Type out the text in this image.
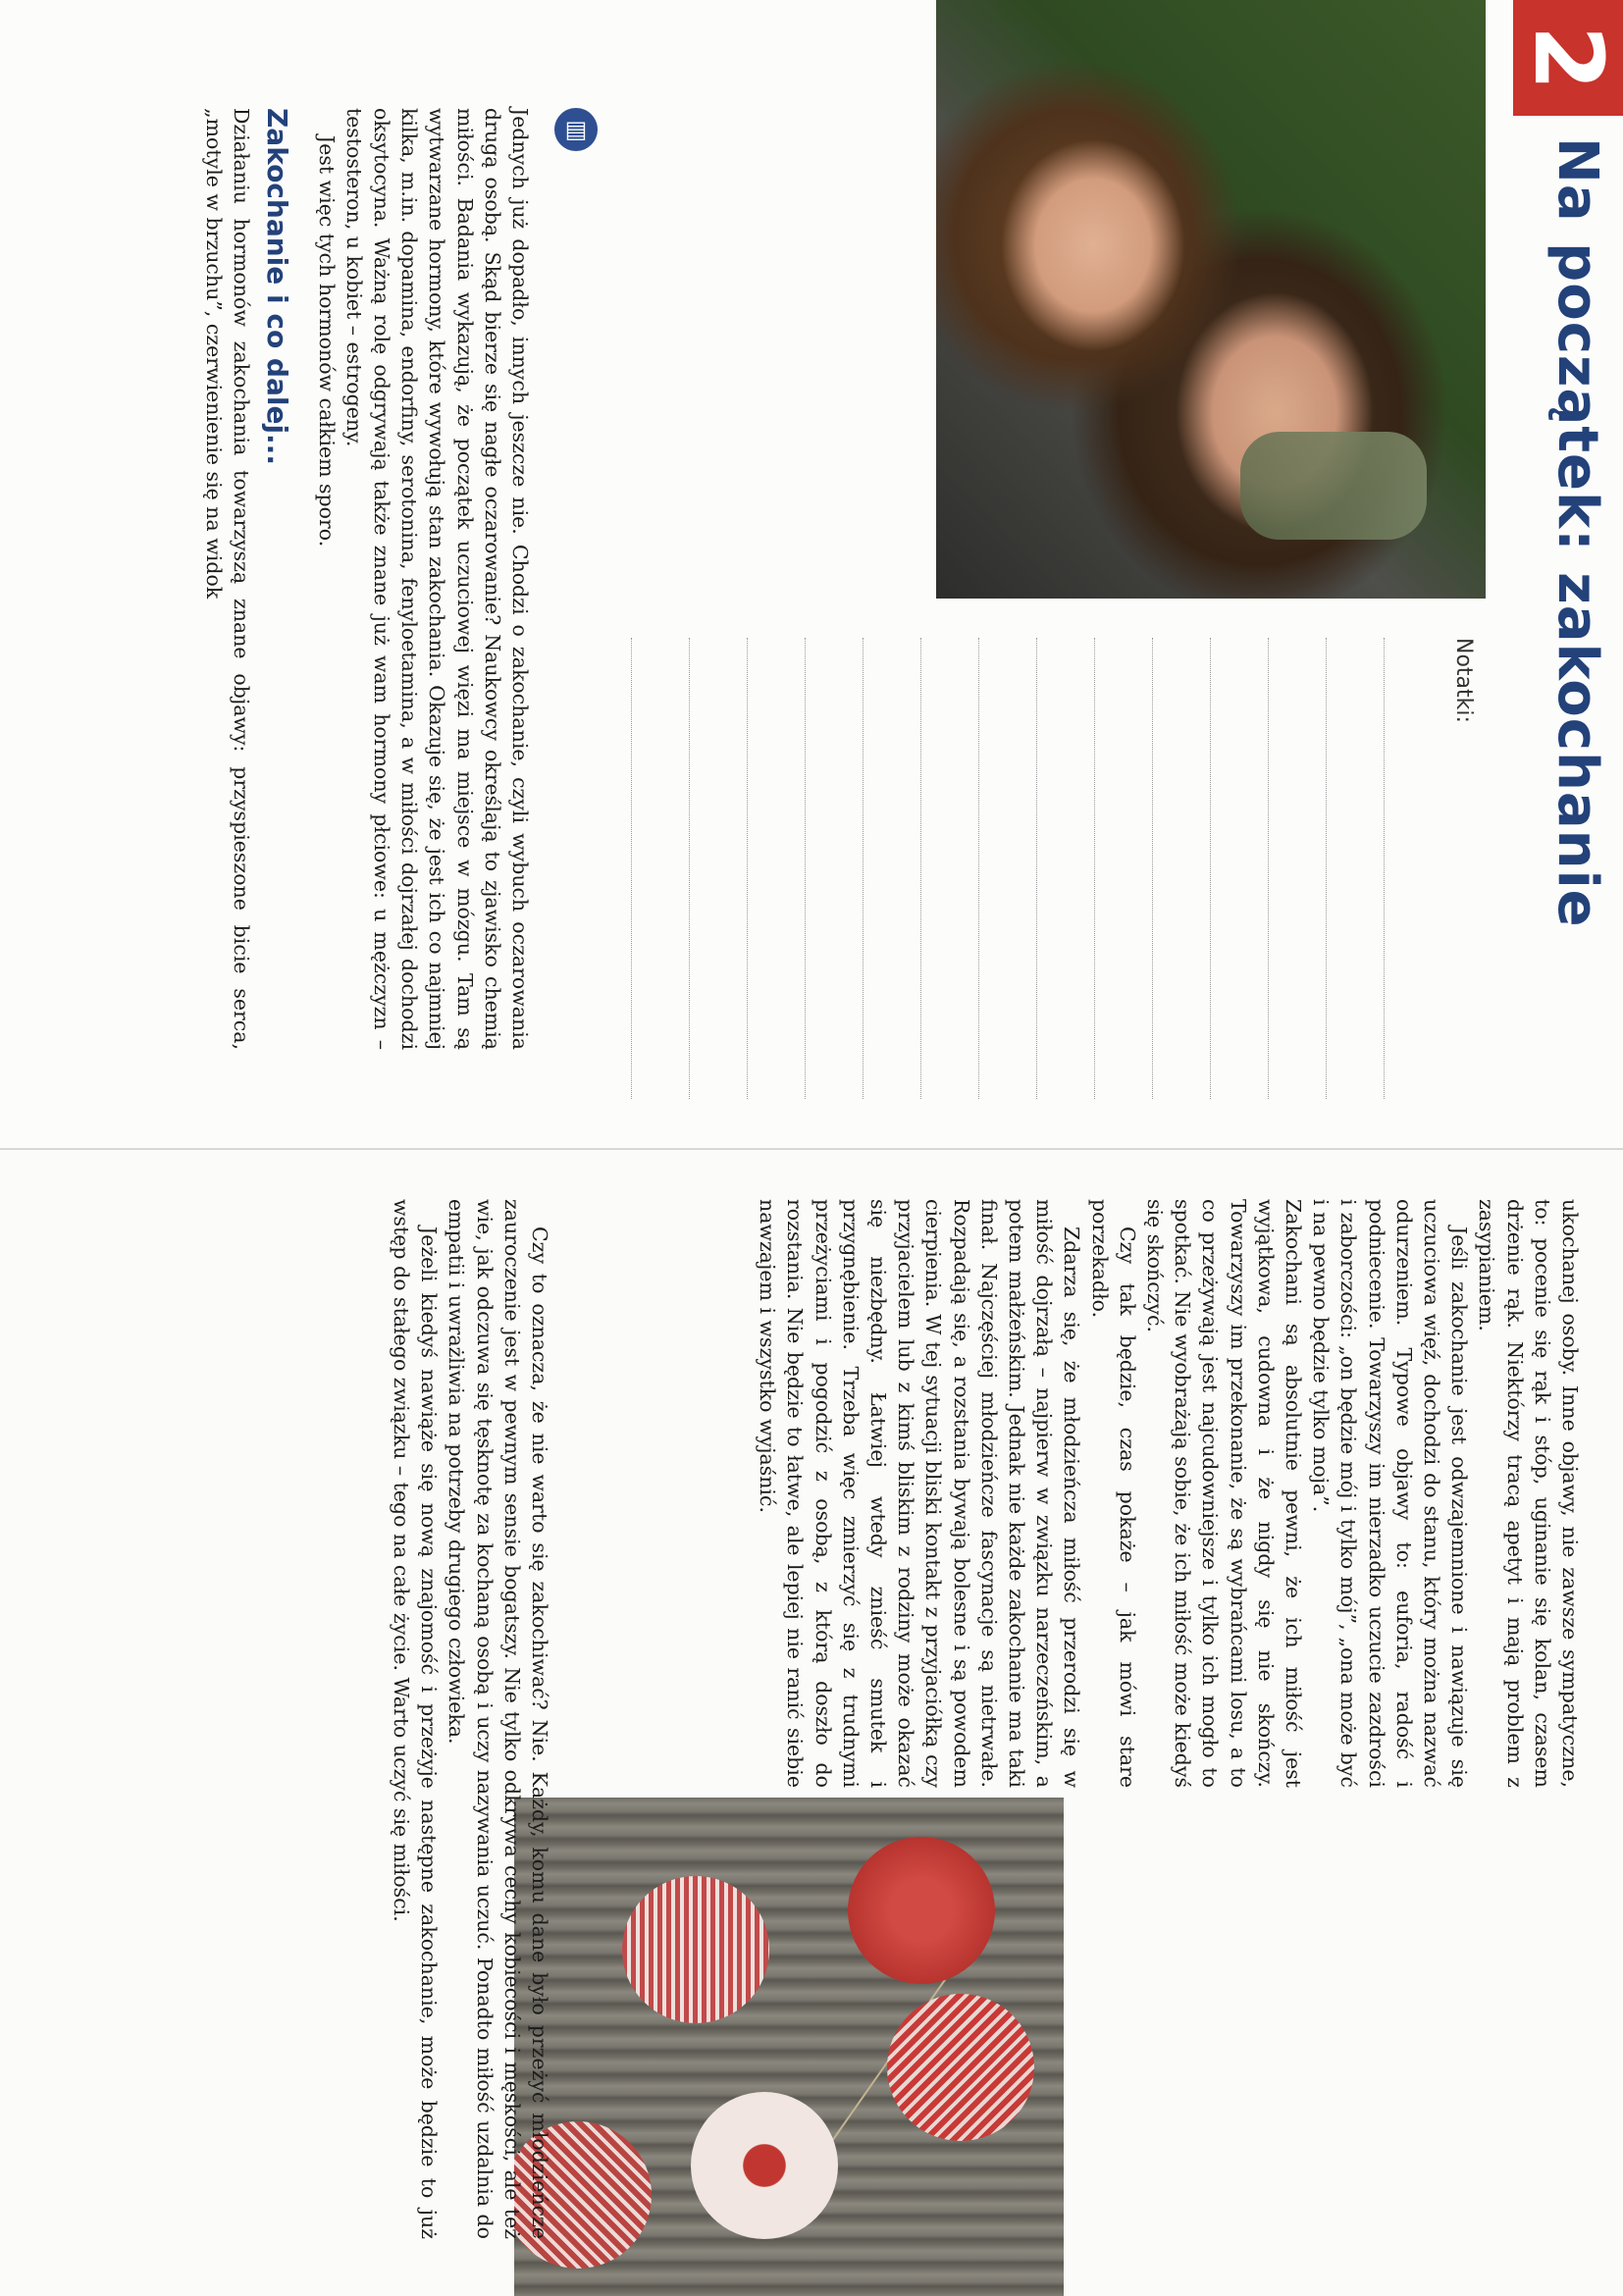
2
Na początek: zakochanie
Notatki:
▤

Jednych już dopadło, innych jeszcze nie. Chodzi o zakochanie, czyli wybuch oczarowania drugą osobą. Skąd bierze się nagłe oczarowanie? Naukowcy określają to zjawisko chemią miłości. Badania wykazują, że początek uczuciowej więzi ma miejsce w mózgu. Tam są wytwarzane hormony, które wywołują stan zakochania. Okazuje się, że jest ich co najmniej kilka, m.in. dopamina, endorfiny, serotonina, fenyloetamina, a w miłości dojrzałej dochodzi oksytocyna. Ważną rolę odgrywają także znane już wam hormony płciowe: u mężczyzn – testosteron, u kobiet – estrogeny.

Jest więc tych hormonów całkiem sporo.

Zakochanie i co dalej...

Działaniu hormonów zakochania towarzyszą znane objawy: przyspieszone bicie serca, „motyle w brzuchu”, czerwienienie się na widok

ukochanej osoby. Inne objawy, nie zawsze sympatyczne, to: pocenie się rąk i stóp, uginanie się kolan, czasem drżenie rąk. Niektórzy tracą apetyt i mają problem z zasypianiem.

Jeśli zakochanie jest odwzajemnione i nawiązuje się uczuciowa więź, dochodzi do stanu, który można nazwać odurzeniem. Typowe objawy to: euforia, radość i podniecenie. Towarzyszy im nierzadko uczucie zazdrości i zaborczości: „on będzie mój i tylko mój”, „ona może być i na pewno będzie tylko moja”.

Zakochani są absolutnie pewni, że ich miłość jest wyjątkowa, cudowna i że nigdy się nie skończy. Towarzyszy im przekonanie, że są wybrańcami losu, a to co przeżywają jest najcudowniejsze i tylko ich mogło to spotkać. Nie wyobrażają sobie, że ich miłość może kiedyś się skończyć.

Czy tak będzie, czas pokaże – jak mówi stare porzekadło.

Zdarza się, że młodzieńcza miłość przerodzi się w miłość dojrzałą – najpierw w związku narzeczeńskim, a potem małżeńskim. Jednak nie każde zakochanie ma taki finał. Najczęściej młodzieńcze fascynacje są nietrwałe. Rozpadają się, a rozstania bywają bolesne i są powodem cierpienia. W tej sytuacji bliski kontakt z przyjaciółką czy przyjacielem lub z kimś bliskim z rodziny może okazać się niezbędny. Łatwiej wtedy znieść smutek i przygnębienie. Trzeba więc zmierzyć się z trudnymi przeżyciami i pogodzić z osobą, z którą doszło do rozstania. Nie będzie to łatwe, ale lepiej nie ranić siebie nawzajem i wszystko wyjaśnić.

Czy to oznacza, że nie warto się zakochiwać? Nie. Każdy, komu dane było przeżyć młodzieńcze zauroczenie jest w pewnym sensie bogatszy. Nie tylko odkrywa cechy kobiecości i męskości, ale też wie, jak odczuwa się tęsknotę za kochaną osobą i uczy nazywania uczuć. Ponadto miłość uzdalnia do empatii i uwrażliwia na potrzeby drugiego człowieka.

Jeżeli kiedyś nawiąże się nową znajomość i przeżyje następne zakochanie, może będzie to już wstęp do stałego związku – tego na całe życie. Warto uczyć się miłości.
